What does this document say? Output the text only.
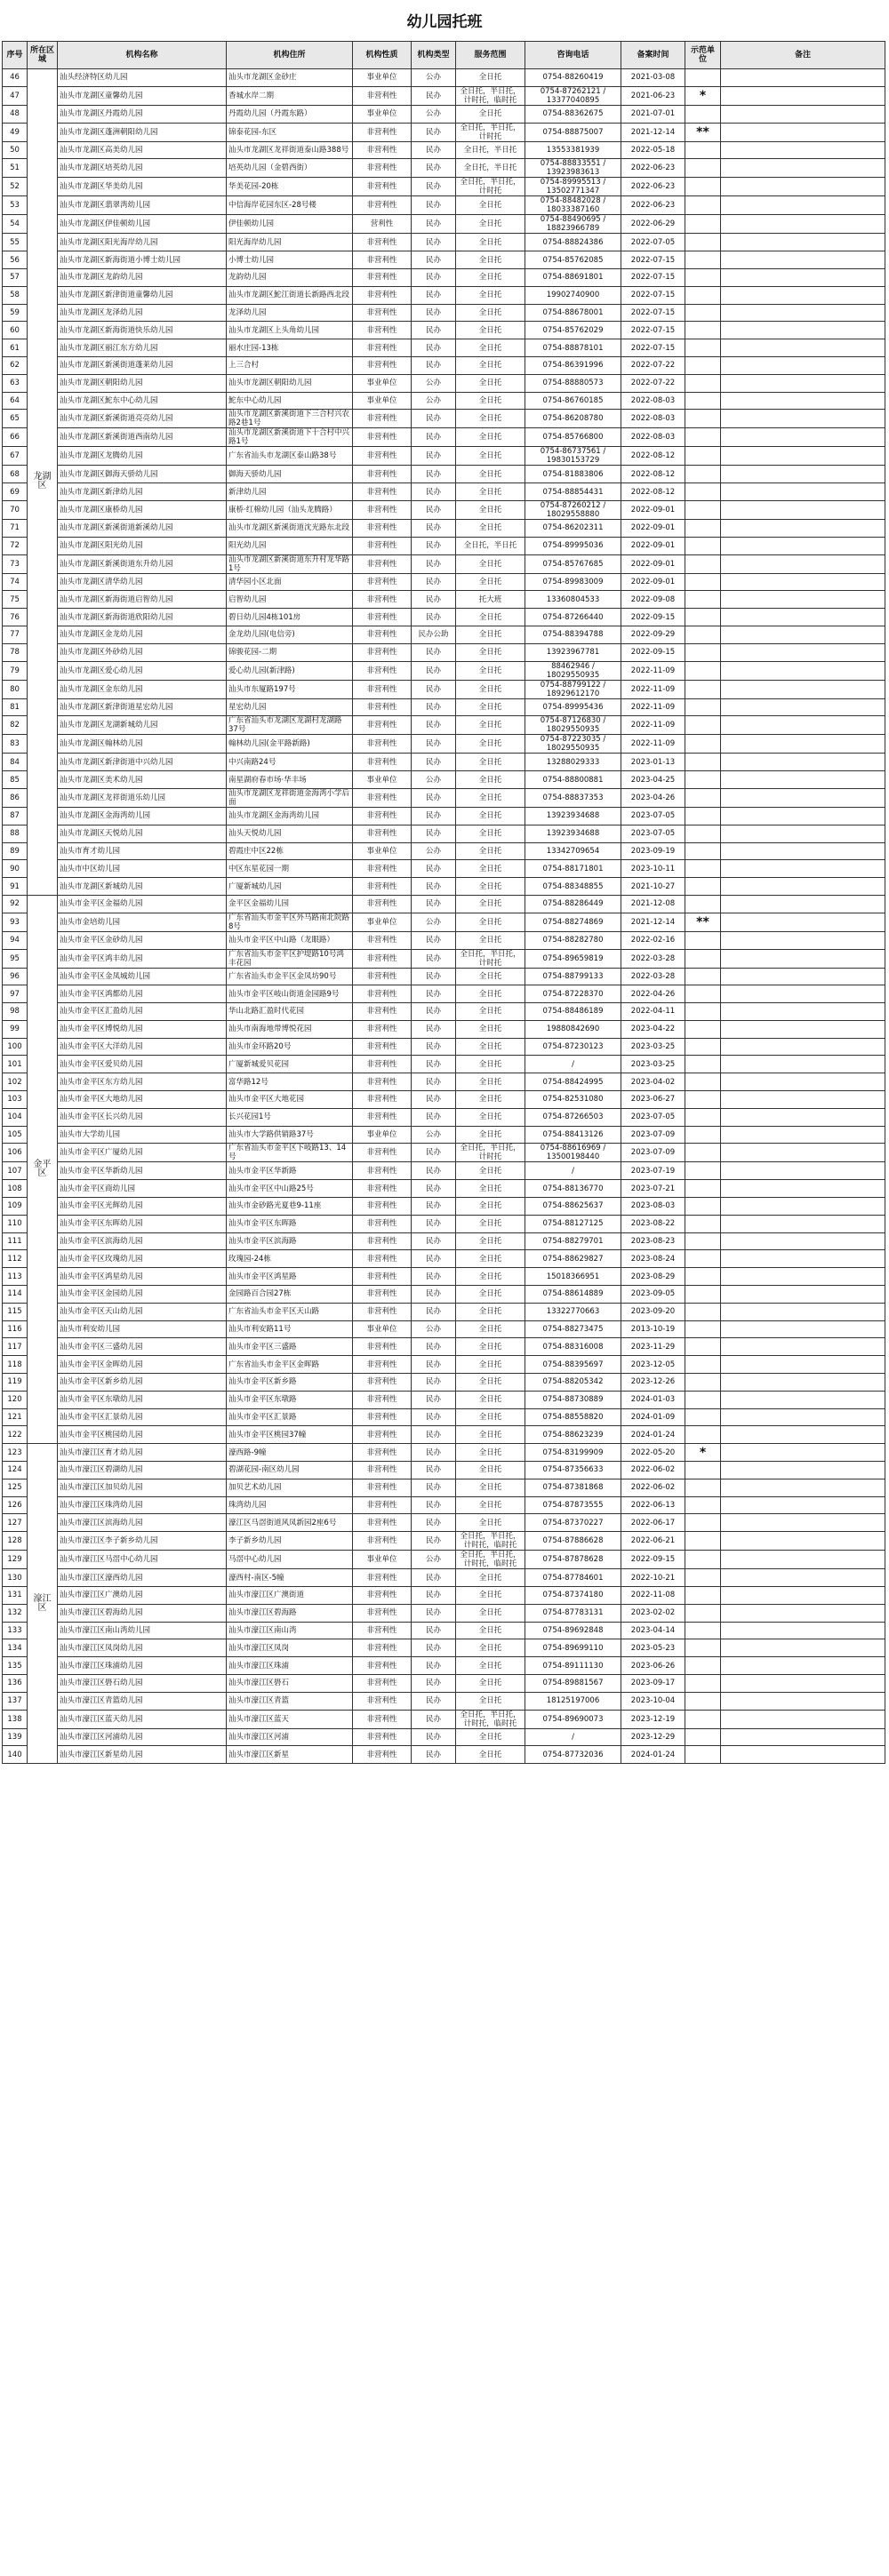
幼儿园托班
序号	所在区域	机构名称	机构住所	机构性质	机构类型	服务范围	咨询电话	备案时间	示范单位	备注
46	龙湖区	汕头经济特区幼儿园	汕头市龙湖区金砂庄	事业单位	公办	全日托	0754-88260419	2021-03-08		
47		汕头市龙湖区童馨幼儿园	香城水岸二期	非营利性	民办	全日托，半日托，计时托，临时托	0754-87262121 / 13377040895	2021-06-23	*	
48		汕头市龙湖区丹霞幼儿园	丹霞幼儿园（丹霞东路）	事业单位	公办	全日托	0754-88362675	2021-07-01		
49		汕头市龙湖区蓬洲朝阳幼儿园	锦泰花园-东区	非营利性	民办	全日托，半日托，计时托	0754-88875007	2021-12-14	**	
50		汕头市龙湖区高美幼儿园	汕头市龙湖区龙祥街道泰山路388号	非营利性	民办	全日托，半日托	13553381939	2022-05-18		
51		汕头市龙湖区培英幼儿园	培英幼儿园（金碧西街）	非营利性	民办	全日托，半日托	0754-88833551 / 13923983613	2022-06-23		
52		汕头市龙湖区华美幼儿园	华美花园-20栋	非营利性	民办	全日托，半日托，计时托	0754-89995513 / 13502771347	2022-06-23		
53		汕头市龙湖区翡翠湾幼儿园	中信海岸花园东区-28号楼	非营利性	民办	全日托	0754-88482028 / 18033387160	2022-06-23		
54		汕头市龙湖区伊佳顿幼儿园	伊佳顿幼儿园	营利性	民办	全日托	0754-88490695 / 18823966789	2022-06-29		
55		汕头市龙湖区阳光海岸幼儿园	阳光海岸幼儿园	非营利性	民办	全日托	0754-88824386	2022-07-05		
56		汕头市龙湖区新海街道小博士幼儿园	小博士幼儿园	非营利性	民办	全日托	0754-85762085	2022-07-15		
57		汕头市龙湖区龙韵幼儿园	龙韵幼儿园	非营利性	民办	全日托	0754-88691801	2022-07-15		
58		汕头市龙湖区新津街道童馨幼儿园	汕头市龙湖区鮀江街道长新路西北段	非营利性	民办	全日托	19902740900	2022-07-15		
59		汕头市龙湖区龙泽幼儿园	龙泽幼儿园	非营利性	民办	全日托	0754-88678001	2022-07-15		
60		汕头市龙湖区新海街道快乐幼儿园	汕头市龙湖区上头角幼儿园	非营利性	民办	全日托	0754-85762029	2022-07-15		
61		汕头市龙湖区丽江东方幼儿园	丽水庄园-13栋	非营利性	民办	全日托	0754-88878101	2022-07-15		
62		汕头市龙湖区新溪街道蓬莱幼儿园	上三合村	非营利性	民办	全日托	0754-86391996	2022-07-22		
63		汕头市龙湖区朝阳幼儿园	汕头市龙湖区朝阳幼儿园	事业单位	公办	全日托	0754-88880573	2022-07-22		
64		汕头市龙湖区鮀东中心幼儿园	鮀东中心幼儿园	事业单位	公办	全日托	0754-86760185	2022-08-03		
65		汕头市龙湖区新溪街道亮亮幼儿园	汕头市龙湖区新溪街道下三合村兴农路2巷1号	非营利性	民办	全日托	0754-86208780	2022-08-03		
66		汕头市龙湖区新溪街道西南幼儿园	汕头市龙湖区新溪街道下十合村中兴路1号	非营利性	民办	全日托	0754-85766800	2022-08-03		
67		汕头市龙湖区龙腾幼儿园	广东省汕头市龙湖区泰山路38号	非营利性	民办	全日托	0754-86737561 / 19830153729	2022-08-12		
68		汕头市龙湖区御海天骄幼儿园	御海天骄幼儿园	非营利性	民办	全日托	0754-81883806	2022-08-12		
69		汕头市龙湖区新津幼儿园	新津幼儿园	非营利性	民办	全日托	0754-88854431	2022-08-12		
70		汕头市龙湖区康桥幼儿园	康桥·红棉幼儿园（汕头龙腾路）	非营利性	民办	全日托	0754-87260212 / 18029558880	2022-09-01		
71		汕头市龙湖区新溪街道新溪幼儿园	汕头市龙湖区新溪街道沈光路东北段	非营利性	民办	全日托	0754-86202311	2022-09-01		
72		汕头市龙湖区阳光幼儿园	阳光幼儿园	非营利性	民办	全日托，半日托	0754-89995036	2022-09-01		
73		汕头市龙湖区新溪街道东升幼儿园	汕头市龙湖区新溪街道东升村龙华路1号	非营利性	民办	全日托	0754-85767685	2022-09-01		
74		汕头市龙湖区清华幼儿园	清华园小区北面	非营利性	民办	全日托	0754-89983009	2022-09-01		
75		汕头市龙湖区新海街道启智幼儿园	启智幼儿园	非营利性	民办	托大班	13360804533	2022-09-08		
76		汕头市龙湖区新海街道欣阳幼儿园	碧日幼儿园4栋101房	非营利性	民办	全日托	0754-87266440	2022-09-15		
77		汕头市龙湖区金龙幼儿园	金龙幼儿园(电信旁)	非营利性	民办公助	全日托	0754-88394788	2022-09-29		
78		汕头市龙湖区外砂幼儿园	锦骏花园-二期	非营利性	民办	全日托	13923967781	2022-09-15		
79		汕头市龙湖区爱心幼儿园	爱心幼儿园(新津路)	非营利性	民办	全日托	88462946 / 18029550935	2022-11-09		
80		汕头市龙湖区金东幼儿园	汕头市东厦路197号	非营利性	民办	全日托	0754-88799122 / 18929612170	2022-11-09		
81		汕头市龙湖区新津街道星宏幼儿园	星宏幼儿园	非营利性	民办	全日托	0754-89995436	2022-11-09		
82		汕头市龙湖区龙湖新城幼儿园	广东省汕头市龙湖区龙湖村龙湖路37号	非营利性	民办	全日托	0754-87126830 / 18029550935	2022-11-09		
83		汕头市龙湖区翰林幼儿园	翰林幼儿园(金平路新路)	非营利性	民办	全日托	0754-87223035 / 18029550935	2022-11-09		
84		汕头市龙湖区新津街道中兴幼儿园	中兴南路24号	非营利性	民办	全日托	13288029333	2023-01-13		
85		汕头市龙湖区美术幼儿园	南星湖府春市场·华丰场	事业单位	公办	全日托	0754-88800881	2023-04-25		
86		汕头市龙湖区龙祥街道乐幼儿园	汕头市龙湖区龙祥街道金海湾小学后面	非营利性	民办	全日托	0754-88837353	2023-04-26		
87		汕头市龙湖区金海湾幼儿园	汕头市龙湖区金海湾幼儿园	非营利性	民办	全日托	13923934688	2023-07-05		
88		汕头市龙湖区天悦幼儿园	汕头天悦幼儿园	非营利性	民办	全日托	13923934688	2023-07-05		
89		汕头市育才幼儿园	碧霞庄中区22栋	事业单位	公办	全日托	13342709654	2023-09-19		
90		汕头市中区幼儿园	中区东星花园一期	非营利性	民办	全日托	0754-88171801	2023-10-11		
91		汕头市龙湖区新城幼儿园	广厦新城幼儿园	非营利性	民办	全日托	0754-88348855	2021-10-27		
92	金平区	汕头市金平区金福幼儿园	金平区金福幼儿园	非营利性	民办	全日托	0754-88286449	2021-12-08		
93		汕头市金培幼儿园	广东省汕头市金平区外马路南北院路8号	事业单位	公办	全日托	0754-88274869	2021-12-14	**	
94		汕头市金平区金砂幼儿园	汕头市金平区中山路（龙眼路）	非营利性	民办	全日托	0754-88282780	2022-02-16		
95		汕头市金平区鸿丰幼儿园	广东省汕头市金平区护堤路10号鸿丰花园	非营利性	民办	全日托，半日托，计时托	0754-89659819	2022-03-28		
96		汕头市金平区金凤城幼儿园	广东省汕头市金平区金凤坊90号	非营利性	民办	全日托	0754-88799133	2022-03-28		
97		汕头市金平区鸿都幼儿园	汕头市金平区岐山街道金园路9号	非营利性	民办	全日托	0754-87228370	2022-04-26		
98		汕头市金平区汇盈幼儿园	华山北路汇盈时代花园	非营利性	民办	全日托	0754-88486189	2022-04-11		
99		汕头市金平区博悦幼儿园	汕头市南海地带博悦花园	非营利性	民办	全日托	19880842690	2023-04-22		
100		汕头市金平区大洋幼儿园	汕头市金环路20号	非营利性	民办	全日托	0754-87230123	2023-03-25		
101		汕头市金平区爱贝幼儿园	广厦新城爱贝花园	非营利性	民办	全日托	/	2023-03-25		
102		汕头市金平区东方幼儿园	富华路12号	非营利性	民办	全日托	0754-88424995	2023-04-02		
103		汕头市金平区大地幼儿园	汕头市金平区大地花园	非营利性	民办	全日托	0754-82531080	2023-06-27		
104		汕头市金平区长兴幼儿园	长兴花园1号	非营利性	民办	全日托	0754-87266503	2023-07-05		
105		汕头市大学幼儿园	汕头市大学路供销路37号	事业单位	公办	全日托	0754-88413126	2023-07-09		
106		汕头市金平区广厦幼儿园	广东省汕头市金平区下岐路13、14号	非营利性	民办	全日托，半日托，计时托	0754-88616969 / 13500198440	2023-07-09		
107		汕头市金平区华新幼儿园	汕头市金平区华新路	非营利性	民办	全日托	/	2023-07-19		
108		汕头市金平区商幼儿园	汕头市金平区中山路25号	非营利性	民办	全日托	0754-88136770	2023-07-21		
109		汕头市金平区光辉幼儿园	汕头市金砂路光夏巷9-11座	非营利性	民办	全日托	0754-88625637	2023-08-03		
110		汕头市金平区东晖幼儿园	汕头市金平区东晖路	非营利性	民办	全日托	0754-88127125	2023-08-22		
111		汕头市金平区滨海幼儿园	汕头市金平区滨海路	非营利性	民办	全日托	0754-88279701	2023-08-23		
112		汕头市金平区玫瑰幼儿园	玫瑰园-24栋	非营利性	民办	全日托	0754-88629827	2023-08-24		
113		汕头市金平区鸿星幼儿园	汕头市金平区鸿星路	非营利性	民办	全日托	15018366951	2023-08-29		
114		汕头市金平区金园幼儿园	金园路百合园27栋	非营利性	民办	全日托	0754-88614889	2023-09-05		
115		汕头市金平区天山幼儿园	广东省汕头市金平区天山路	非营利性	民办	全日托	13322770663	2023-09-20		
116		汕头市利安幼儿园	汕头市利安路11号	事业单位	公办	全日托	0754-88273475	2013-10-19		
117		汕头市金平区三盛幼儿园	汕头市金平区三盛路	非营利性	民办	全日托	0754-88316008	2023-11-29		
118		汕头市金平区金晖幼儿园	广东省汕头市金平区金晖路	非营利性	民办	全日托	0754-88395697	2023-12-05		
119		汕头市金平区新乡幼儿园	汕头市金平区新乡路	非营利性	民办	全日托	0754-88205342	2023-12-26		
120		汕头市金平区东墩幼儿园	汕头市金平区东墩路	非营利性	民办	全日托	0754-88730889	2024-01-03		
121		汕头市金平区汇景幼儿园	汕头市金平区汇景路	非营利性	民办	全日托	0754-88558820	2024-01-09		
122		汕头市金平区桃园幼儿园	汕头市金平区桃园37幢	非营利性	民办	全日托	0754-88623239	2024-01-24		
123	濠江区	汕头市濠江区育才幼儿园	濠西路-9幢	非营利性	民办	全日托	0754-83199909	2022-05-20	*	
124		汕头市濠江区碧湖幼儿园	碧湖花园-南区幼儿园	非营利性	民办	全日托	0754-87356633	2022-06-02		
125		汕头市濠江区加贝幼儿园	加贝艺术幼儿园	非营利性	民办	全日托	0754-87381868	2022-06-02		
126		汕头市濠江区珠湾幼儿园	珠湾幼儿园	非营利性	民办	全日托	0754-87873555	2022-06-13		
127		汕头市濠江区滨海幼儿园	濠江区马滘街道风凤新园2座6号	非营利性	民办	全日托	0754-87370227	2022-06-17		
128		汕头市濠江区李子新乡幼儿园	李子新乡幼儿园	非营利性	民办	全日托，半日托，计时托，临时托	0754-87886628	2022-06-21		
129		汕头市濠江区马滘中心幼儿园	马滘中心幼儿园	事业单位	公办	全日托，半日托，计时托，临时托	0754-87878628	2022-09-15		
130		汕头市濠江区濠西幼儿园	濠西村-南区-5幢	非营利性	民办	全日托	0754-87784601	2022-10-21		
131		汕头市濠江区广澳幼儿园	汕头市濠江区广澳街道	非营利性	民办	全日托	0754-87374180	2022-11-08		
132		汕头市濠江区碧海幼儿园	汕头市濠江区碧海路	非营利性	民办	全日托	0754-87783131	2023-02-02		
133		汕头市濠江区南山湾幼儿园	汕头市濠江区南山湾	非营利性	民办	全日托	0754-89692848	2023-04-14		
134		汕头市濠江区凤岗幼儿园	汕头市濠江区凤岗	非营利性	民办	全日托	0754-89699110	2023-05-23		
135		汕头市濠江区珠浦幼儿园	汕头市濠江区珠浦	非营利性	民办	全日托	0754-89111130	2023-06-26		
136		汕头市濠江区礐石幼儿园	汕头市濠江区礐石	非营利性	民办	全日托	0754-89881567	2023-09-17		
137		汕头市濠江区青篮幼儿园	汕头市濠江区青篮	非营利性	民办	全日托	18125197006	2023-10-04		
138		汕头市濠江区蓝天幼儿园	汕头市濠江区蓝天	非营利性	民办	全日托，半日托，计时托，临时托	0754-89690073	2023-12-19		
139		汕头市濠江区河浦幼儿园	汕头市濠江区河浦	非营利性	民办	全日托	/	2023-12-29		
140		汕头市濠江区新星幼儿园	汕头市濠江区新星	非营利性	民办	全日托	0754-87732036	2024-01-24		
